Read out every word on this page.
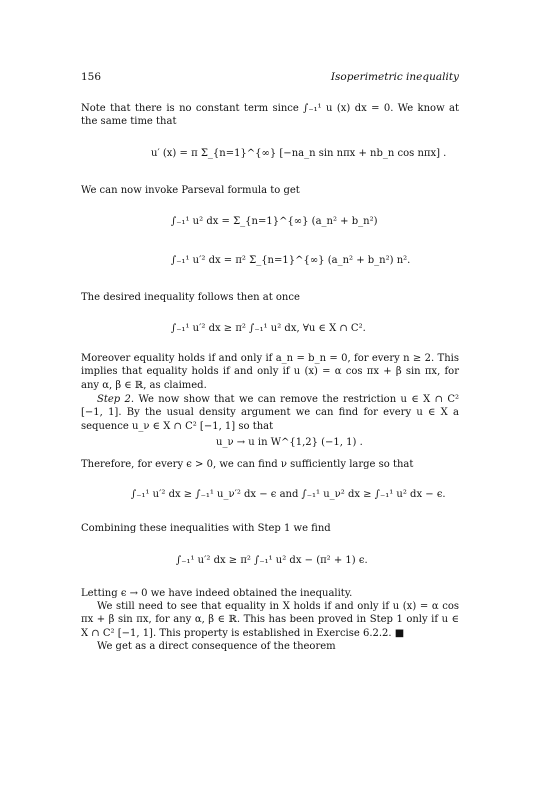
156	Isoperimetric inequality
Note that there is no constant term since ∫₋₁¹ u (x) dx = 0. We know at the same time that
u′ (x) = π Σ_{n=1}^{∞} [−na_n sin nπx + nb_n cos nπx] .
We can now invoke Parseval formula to get
∫₋₁¹ u² dx = Σ_{n=1}^{∞} (a_n² + b_n²)
∫₋₁¹ u′² dx = π² Σ_{n=1}^{∞} (a_n² + b_n²) n².
The desired inequality follows then at once
∫₋₁¹ u′² dx ≥ π² ∫₋₁¹ u² dx, ∀u ∈ X ∩ C².
Moreover equality holds if and only if a_n = b_n = 0, for every n ≥ 2. This implies that equality holds if and only if u (x) = α cos πx + β sin πx, for any α, β ∈ ℝ, as claimed.
Step 2. We now show that we can remove the restriction u ∈ X ∩ C² [−1, 1]. By the usual density argument we can find for every u ∈ X a sequence u_ν ∈ X ∩ C² [−1, 1] so that
u_ν → u in W^{1,2} (−1, 1) .
Therefore, for every ϵ > 0, we can find ν sufficiently large so that
∫₋₁¹ u′² dx ≥ ∫₋₁¹ u_ν′² dx − ϵ and ∫₋₁¹ u_ν² dx ≥ ∫₋₁¹ u² dx − ϵ.
Combining these inequalities with Step 1 we find
∫₋₁¹ u′² dx ≥ π² ∫₋₁¹ u² dx − (π² + 1) ϵ.
Letting ϵ → 0 we have indeed obtained the inequality.
We still need to see that equality in X holds if and only if u (x) = α cos πx + β sin πx, for any α, β ∈ ℝ. This has been proved in Step 1 only if u ∈ X ∩ C² [−1, 1]. This property is established in Exercise 6.2.2. ■
We get as a direct consequence of the theorem
